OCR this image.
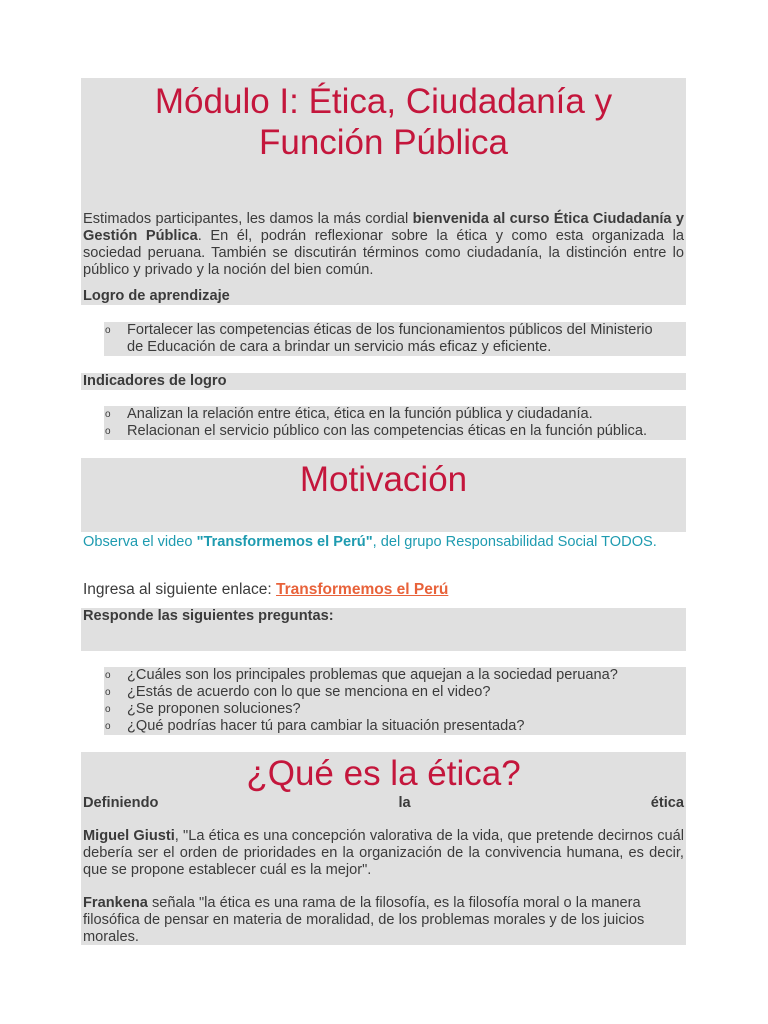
Módulo I: Ética, Ciudadanía y
Función Pública

Estimados participantes, les damos la más cordial bienvenida al curso Ética Ciudadanía y Gestión Pública. En él, podrán reflexionar sobre la ética y como esta organizada la sociedad peruana. También se discutirán términos como ciudadanía, la distinción entre lo público y privado y la noción del bien común.

Logro de aprendizaje

o Fortalecer las competencias éticas de los funcionamientos públicos del Ministerio de Educación de cara a brindar un servicio más eficaz y eficiente.

Indicadores de logro

o Analizan la relación entre ética, ética en la función pública y ciudadanía.
o Relacionan el servicio público con las competencias éticas en la función pública.
Motivación

Observa el video "Transformemos el Perú", del grupo Responsabilidad Social TODOS.

Ingresa al siguiente enlace: Transformemos el Perú

Responde las siguientes preguntas:

o ¿Cuáles son los principales problemas que aquejan a la sociedad peruana?
o ¿Estás de acuerdo con lo que se menciona en el video?
o ¿Se proponen soluciones?
o ¿Qué podrías hacer tú para cambiar la situación presentada?
¿Qué es la ética?
Definiendo	la	ética

Miguel Giusti, "La ética es una concepción valorativa de la vida, que pretende decirnos cuál debería ser el orden de prioridades en la organización de la convivencia humana, es decir, que se propone establecer cuál es la mejor".

Frankena señala "la ética es una rama de la filosofía, es la filosofía moral o la manera filosófica de pensar en materia de moralidad, de los problemas morales y de los juicios morales.
